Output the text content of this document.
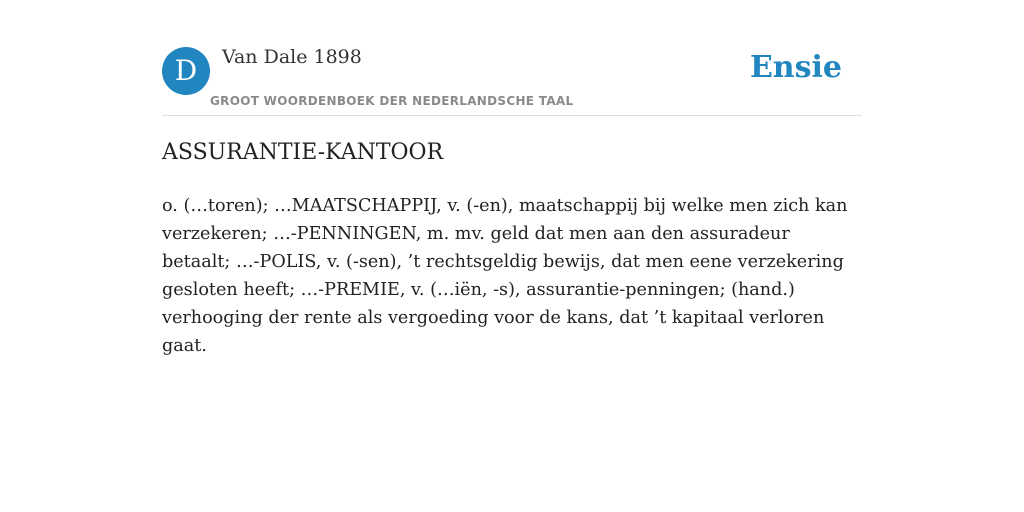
D	Van Dale 1898
GROOT WOORDENBOEK DER NEDERLANDSCHE TAAL
Ensie
ASSURANTIE-KANTOOR

o. (…toren); …MAATSCHAPPIJ, v. (-en), maatschappij bij welke men zich kan verzekeren; …-PENNINGEN, m. mv. geld dat men aan den assuradeur betaalt; …-POLIS, v. (-sen), ’t rechtsgeldig bewijs, dat men eene verzekering gesloten heeft; …-PREMIE, v. (…iën, -s), assurantie-penningen; (hand.) verhooging der rente als vergoeding voor de kans, dat ’t kapitaal verloren gaat.
